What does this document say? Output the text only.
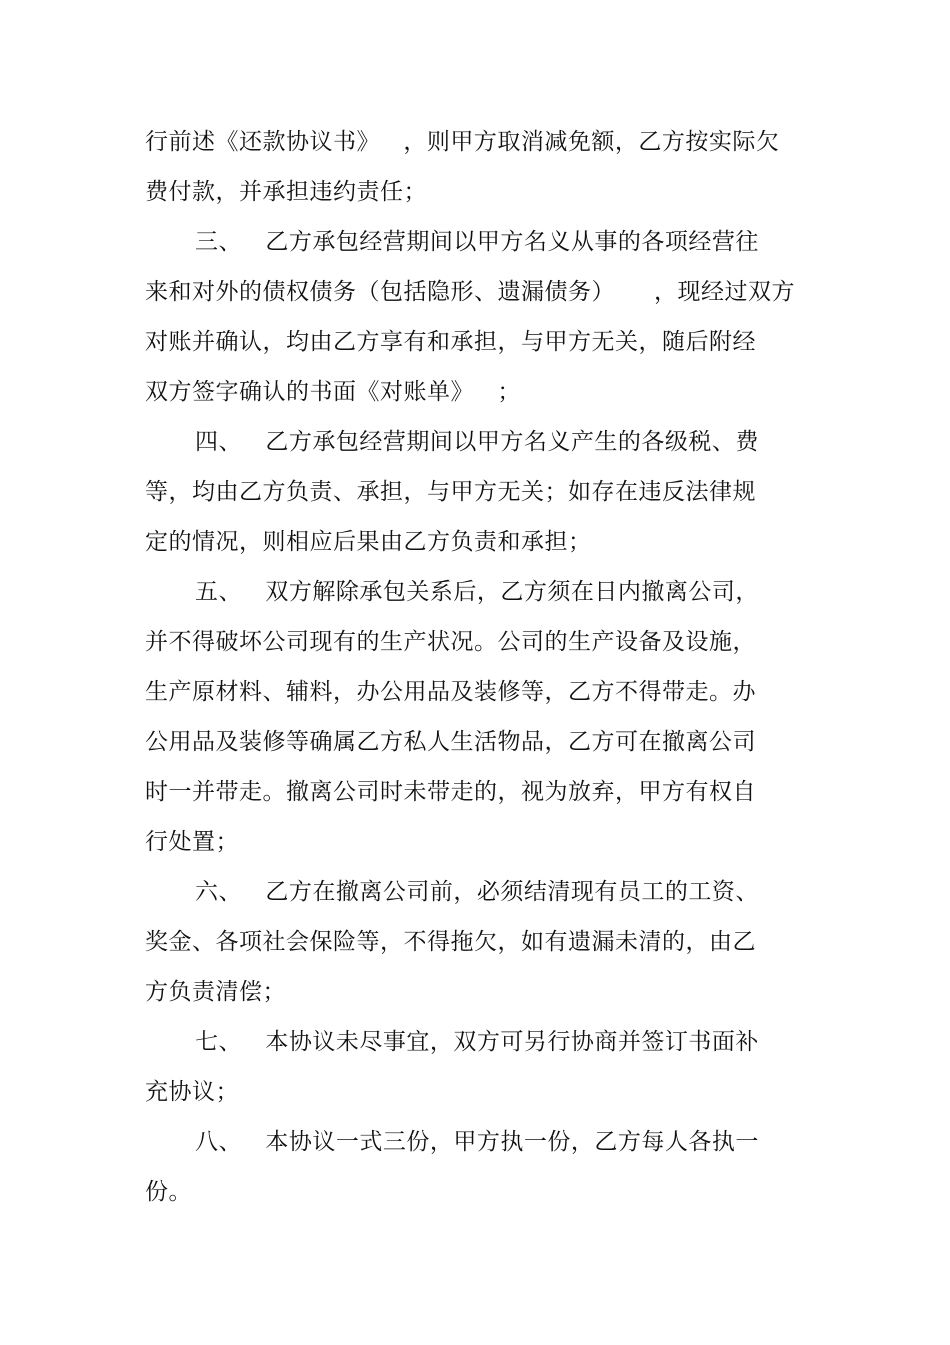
行前述《还款协议书》   ，则甲方取消减免额，乙方按实际欠
费付款，并承担违约责任；
三、   乙方承包经营期间以甲方名义从事的各项经营往
来和对外的债权债务（包括隐形、遗漏债务）     ，现经过双方
对账并确认，均由乙方享有和承担，与甲方无关，随后附经
双方签字确认的书面《对账单》   ；
四、   乙方承包经营期间以甲方名义产生的各级税、费
等，均由乙方负责、承担，与甲方无关；如存在违反法律规
定的情况，则相应后果由乙方负责和承担；
五、   双方解除承包关系后，乙方须在日内撤离公司，
并不得破坏公司现有的生产状况。公司的生产设备及设施，
生产原材料、辅料，办公用品及装修等，乙方不得带走。办
公用品及装修等确属乙方私人生活物品，乙方可在撤离公司
时一并带走。撤离公司时未带走的，视为放弃，甲方有权自
行处置；
六、   乙方在撤离公司前，必须结清现有员工的工资、
奖金、各项社会保险等，不得拖欠，如有遗漏未清的，由乙
方负责清偿；
七、   本协议未尽事宜，双方可另行协商并签订书面补
充协议；
八、   本协议一式三份，甲方执一份，乙方每人各执一
份。
